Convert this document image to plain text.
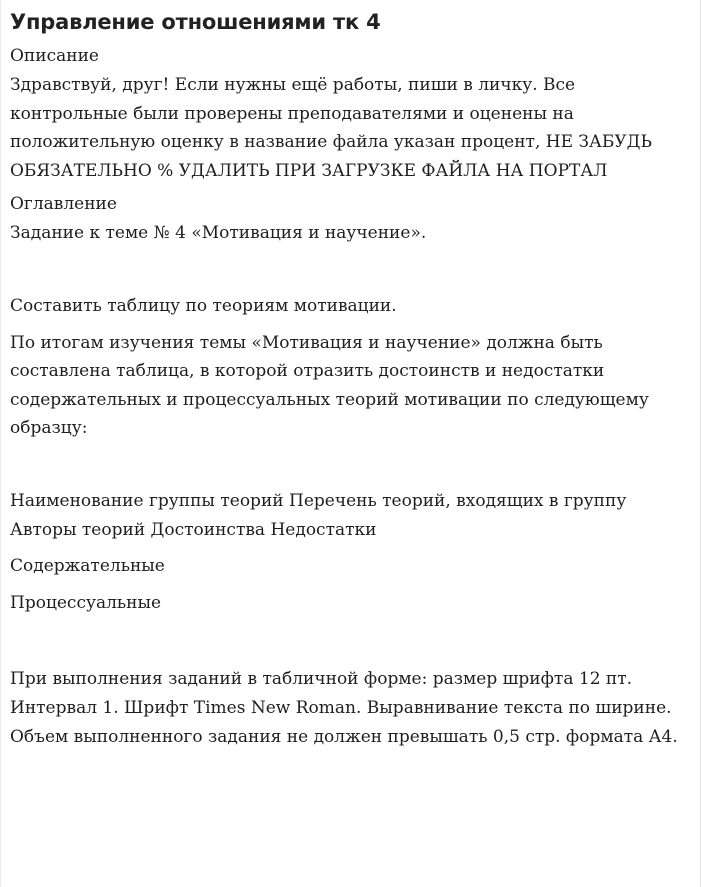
Управление отношениями тк 4
Описание

Здравствуй, друг! Если нужны ещё работы, пиши в личку. Все контрольные были проверены преподавателями и оценены на положительную оценку в название файла указан процент, НЕ ЗАБУДЬ ОБЯЗАТЕЛЬНО % УДАЛИТЬ ПРИ ЗАГРУЗКЕ ФАЙЛА НА ПОРТАЛ

Оглавление

Задание к теме № 4 «Мотивация и научение».

Составить таблицу по теориям мотивации.

По итогам изучения темы «Мотивация и научение» должна быть составлена таблица, в которой отразить достоинств и недостатки содержательных и процессуальных теорий мотивации по следующему образцу:

Наименование группы теорий Перечень теорий, входящих в группу Авторы теорий Достоинства Недостатки

Содержательные

Процессуальные

При выполнения заданий в табличной форме: размер шрифта 12 пт. Интервал 1. Шрифт Times New Roman. Выравнивание текста по ширине. Объем выполненного задания не должен превышать 0,5 стр. формата А4.
